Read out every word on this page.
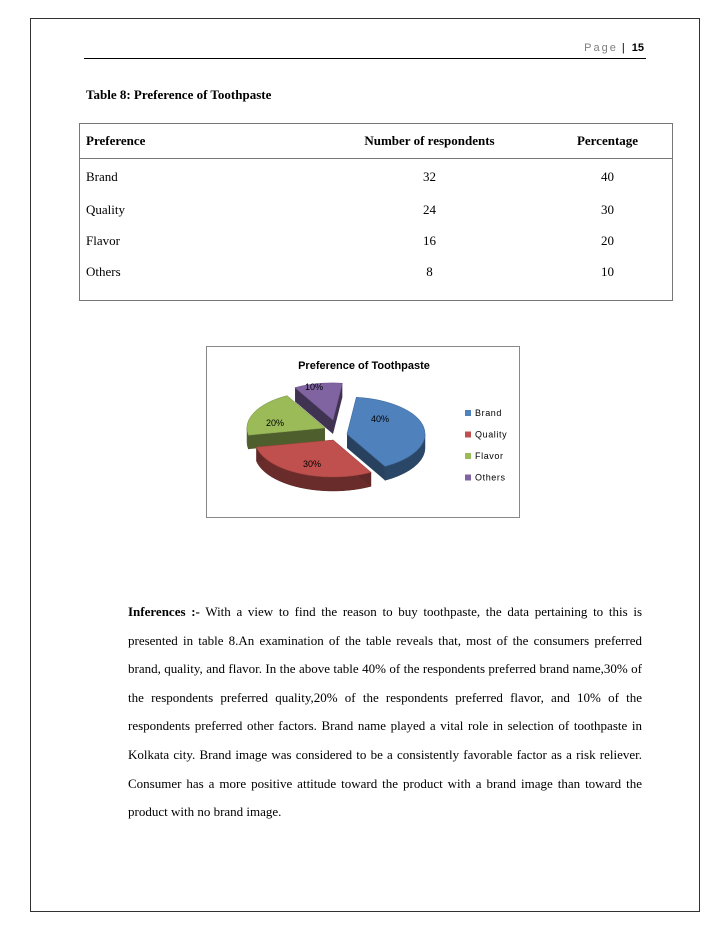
Page | 15
Table 8: Preference of Toothpaste
Preference	Number of respondents	Percentage
Brand	32	40
Quality	24	30
Flavor	16	20
Others	8	10
40%
30%
20%
10%
Preference of Toothpaste
Brand
Quality
Flavor
Others
Inferences :- With a view to find the reason to buy toothpaste, the data pertaining to this is presented in table 8.An examination of the table reveals that, most of the consumers preferred brand, quality, and flavor. In the above table 40% of the respondents preferred brand name,30% of the respondents preferred quality,20% of the respondents preferred flavor, and 10% of the respondents preferred other factors. Brand name played a vital role in selection of toothpaste in Kolkata city. Brand image was considered to be a consistently favorable factor as a risk reliever. Consumer has a more positive attitude toward the product with a brand image than toward the product with no brand image.
